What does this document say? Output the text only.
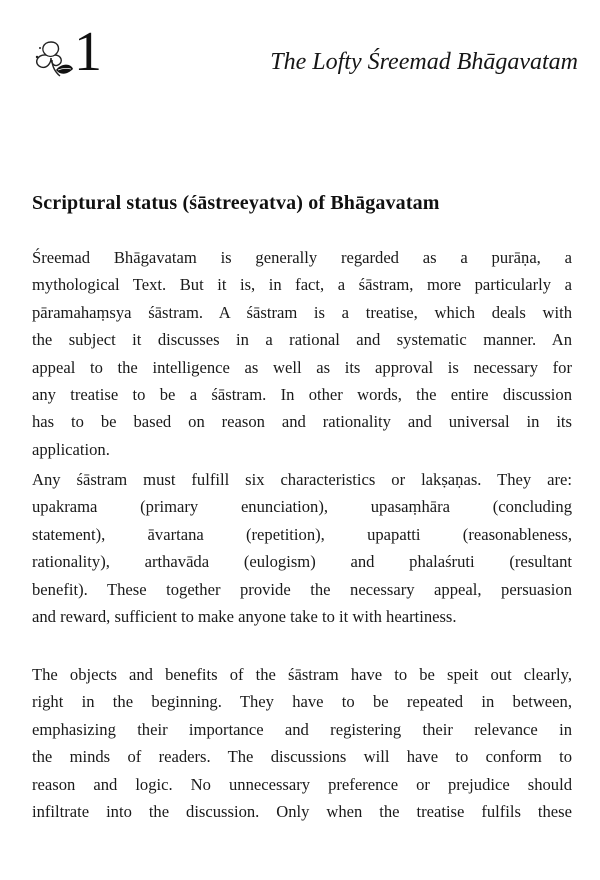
1	The Lofty Śreemad Bhāgavatam
Scriptural status (śāstreeyatva) of Bhāgavatam
Śreemad Bhāgavatam is generally regarded as a purāṇa, a
mythological Text. But it is, in fact, a śāstram, more particularly a
pāramahaṃsya śāstram. A śāstram is a treatise, which deals with
the subject it discusses in a rational and systematic manner. An
appeal to the intelligence as well as its approval is necessary for
any treatise to be a śāstram. In other words, the entire discussion
has to be based on reason and rationality and universal in its
application.
Any śāstram must fulfill six characteristics or lakṣaṇas. They are:
upakrama (primary enunciation), upasaṃhāra (concluding
statement), āvartana (repetition), upapatti (reasonableness,
rationality), arthavāda (eulogism) and phalaśruti (resultant
benefit). These together provide the necessary appeal, persuasion
and reward, sufficient to make anyone take to it with heartiness.
The objects and benefits of the śāstram have to be speit out clearly,
right in the beginning. They have to be repeated in between,
emphasizing their importance and registering their relevance in
the minds of readers. The discussions will have to conform to
reason and logic. No unnecessary preference or prejudice should
infiltrate into the discussion. Only when the treatise fulfils these
